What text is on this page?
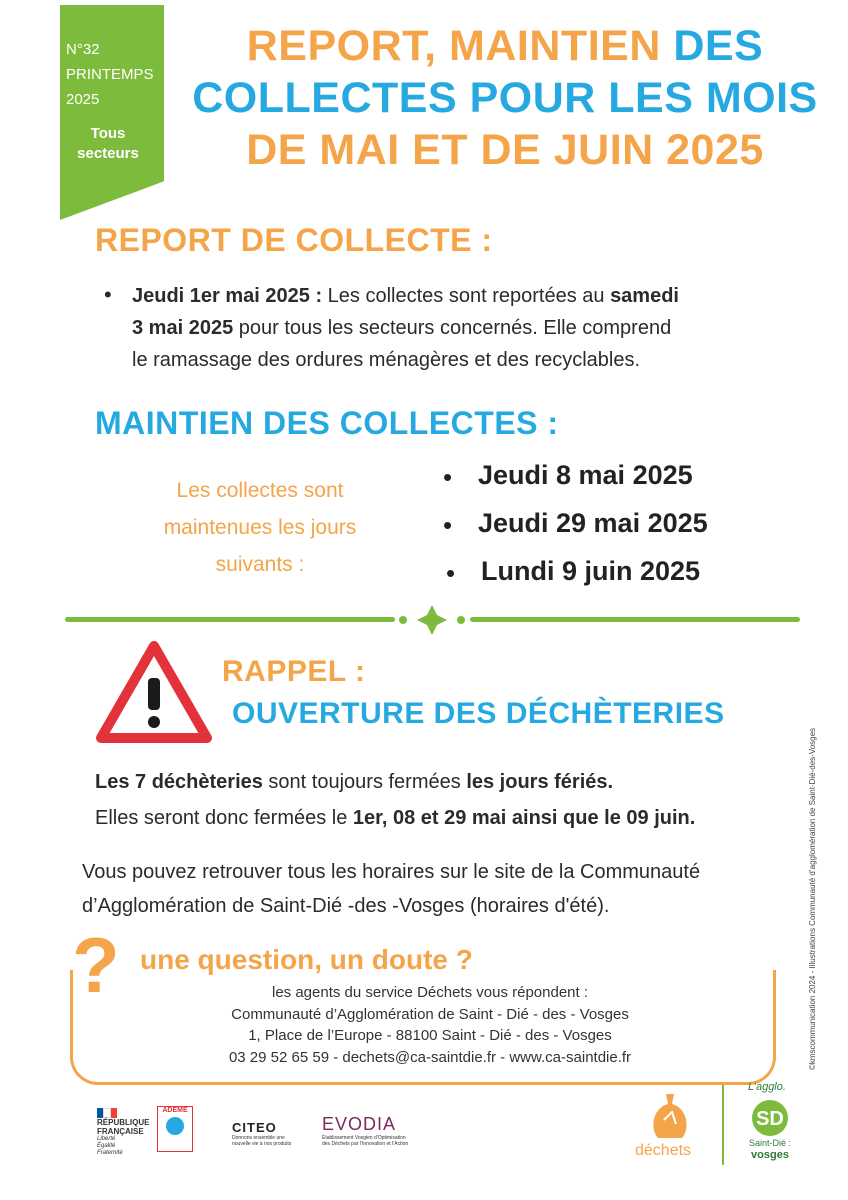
N°32
PRINTEMPS
2025
Tous
secteurs
REPORT, MAINTIEN DES
COLLECTES POUR LES MOIS
DE MAI ET DE JUIN 2025
REPORT DE COLLECTE :
• Jeudi 1er mai 2025 : Les collectes sont reportées au samedi
3 mai 2025 pour tous les secteurs concernés. Elle comprend
le ramassage des ordures ménagères et des recyclables.
MAINTIEN DES COLLECTES :
Les collectes sont
maintenues les jours
suivants :
• Jeudi 8 mai 2025
• Jeudi 29 mai 2025
• Lundi 9 juin 2025
RAPPEL :
OUVERTURE DES DÉCHÈTERIES
Les 7 déchèteries sont toujours fermées les jours fériés.
Elles seront donc fermées le 1er, 08 et 29 mai ainsi que le 09 juin.
Vous pouvez retrouver tous les horaires sur le site de la Communauté
d’Agglomération de Saint-Dié -des -Vosges (horaires d'été).
? une question, un doute ?
les agents du service Déchets vous répondent :
Communauté d’Agglomération de Saint - Dié - des - Vosges
1, Place de l’Europe - 88100 Saint - Dié - des - Vosges
03 29 52 65 59 - dechets@ca-saintdie.fr - www.ca-saintdie.fr
RÉPUBLIQUE
FRANÇAISE
Liberté
Égalité
Fraternité
ADEME
CITEO
Donnons ensemble une
nouvelle vie à nos produits
EVODIA
Établissement Vosgien d’Optimisation
des Déchets par l’Innovation et l’Action	déchets
L’agglo.
SD
Saint-Dié :
vosges
©kmscommunication 2024 - Illustrations Communauté d’agglomération de Saint-Dié-des-Vosges
